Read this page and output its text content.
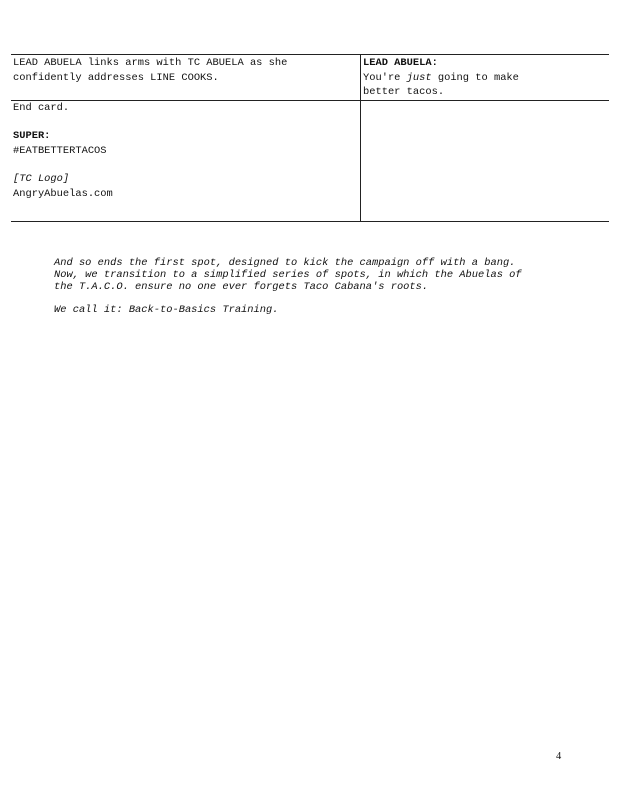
LEAD ABUELA links arms with TC ABUELA as she
confidently addresses LINE COOKS.	LEAD ABUELA:
You're just going to make
better tacos.

End card.
SUPER:
#EATBETTERTACOS
[TC Logo]
AngryAbuelas.com	

And so ends the first spot, designed to kick the campaign off with a bang.
Now, we transition to a simplified series of spots, in which the Abuelas of
the T.A.C.O. ensure no one ever forgets Taco Cabana's roots.

We call it: Back-to-Basics Training.

4
